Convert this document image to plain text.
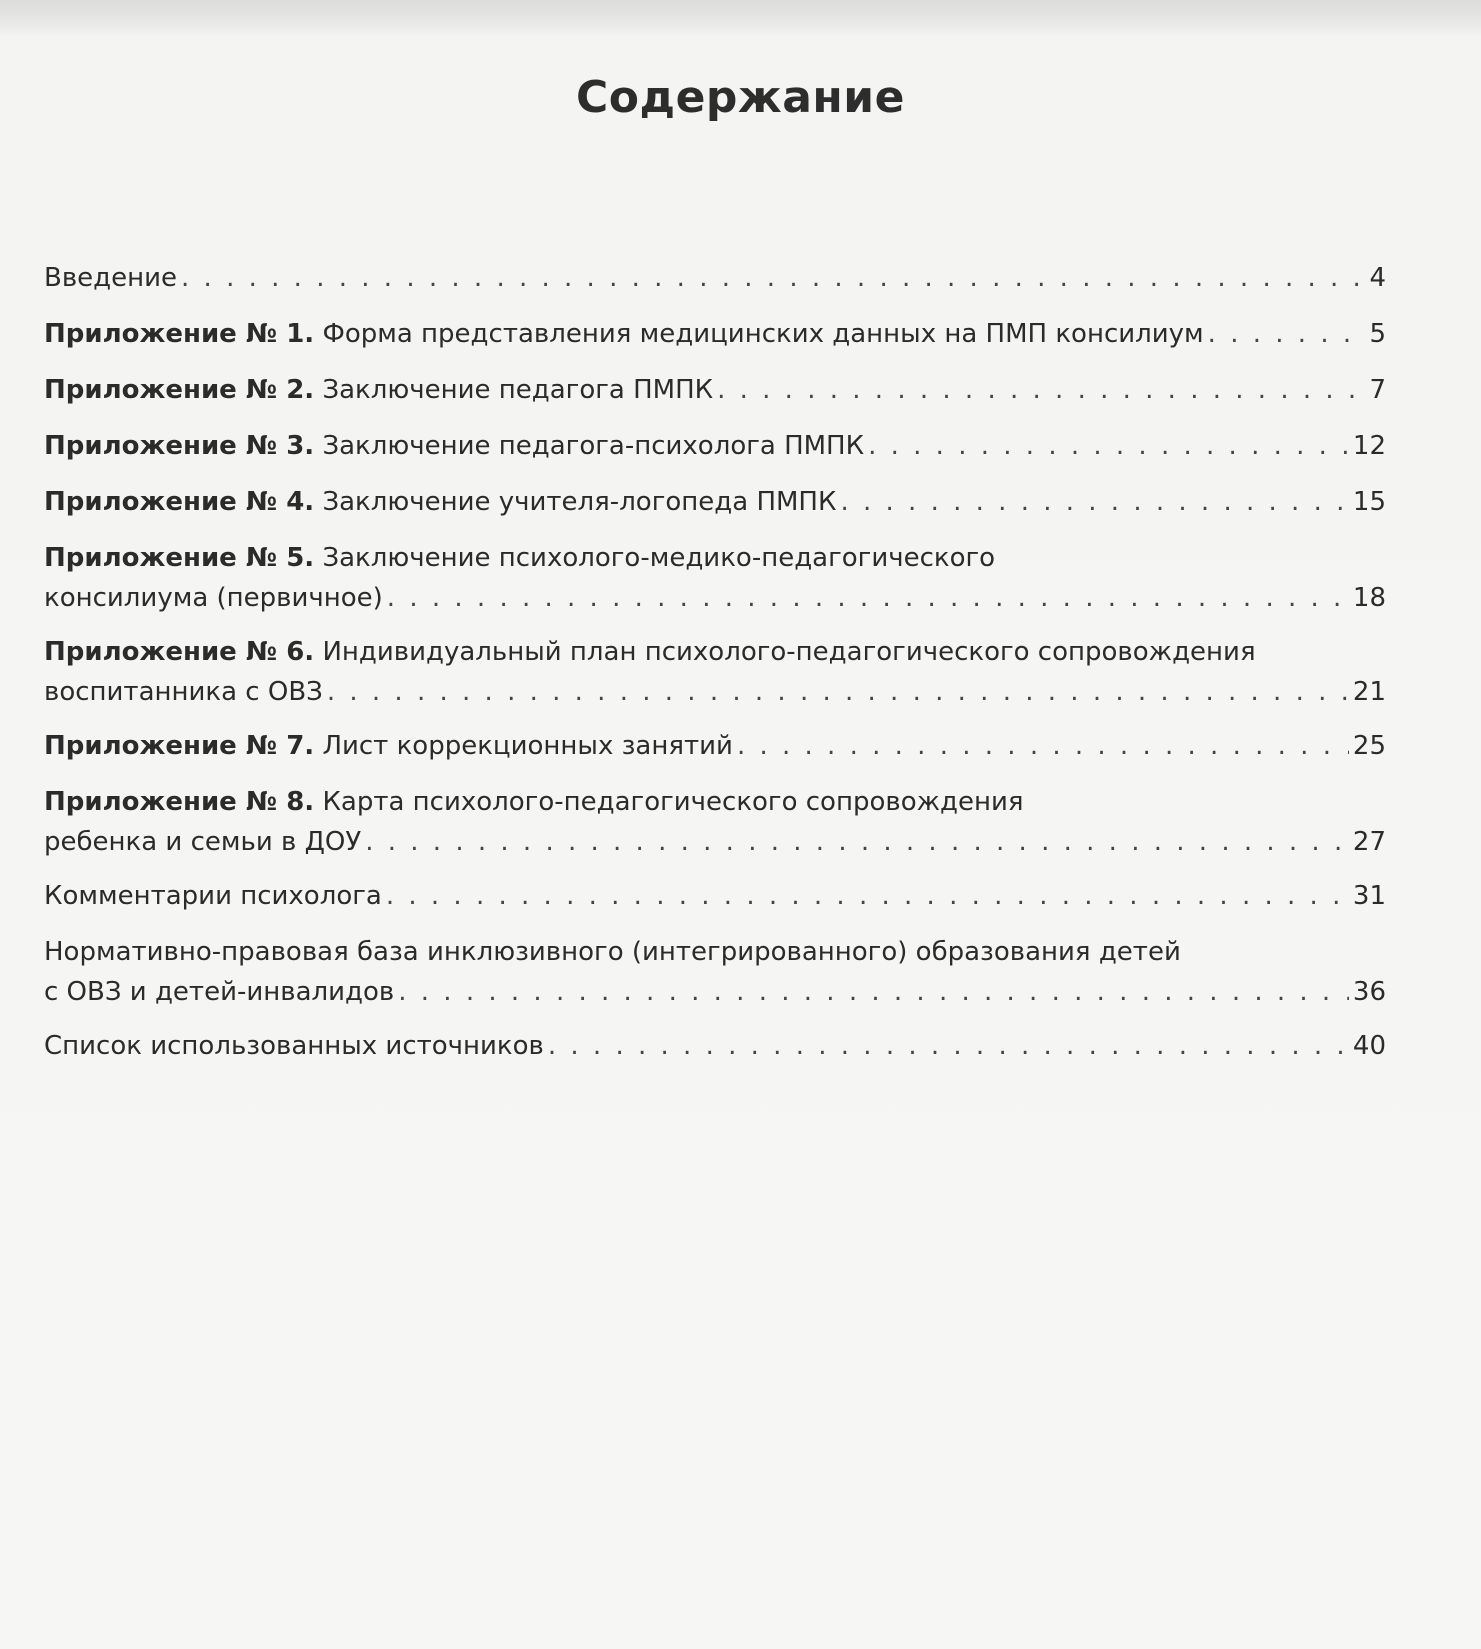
Содержание
Введение . . .	4
Приложение № 1. Форма представления медицинских данных на ПМП консилиум . . .	5
Приложение № 2. Заключение педагога ПМПК . . .	7
Приложение № 3. Заключение педагога-психолога ПМПК . . .	12
Приложение № 4. Заключение учителя-логопеда ПМПК . . .	15
Приложение № 5. Заключение психолого-медико-педагогического
консилиума (первичное) . . .	18
Приложение № 6. Индивидуальный план психолого-педагогического сопровождения
воспитанника с ОВЗ . . .	21
Приложение № 7. Лист коррекционных занятий . . .	25
Приложение № 8. Карта психолого-педагогического сопровождения
ребенка и семьи в ДОУ . . .	27
Комментарии психолога . . .	31
Нормативно-правовая база инклюзивного (интегрированного) образования детей
с ОВЗ и детей-инвалидов . . .	36
Список использованных источников . . .	40
